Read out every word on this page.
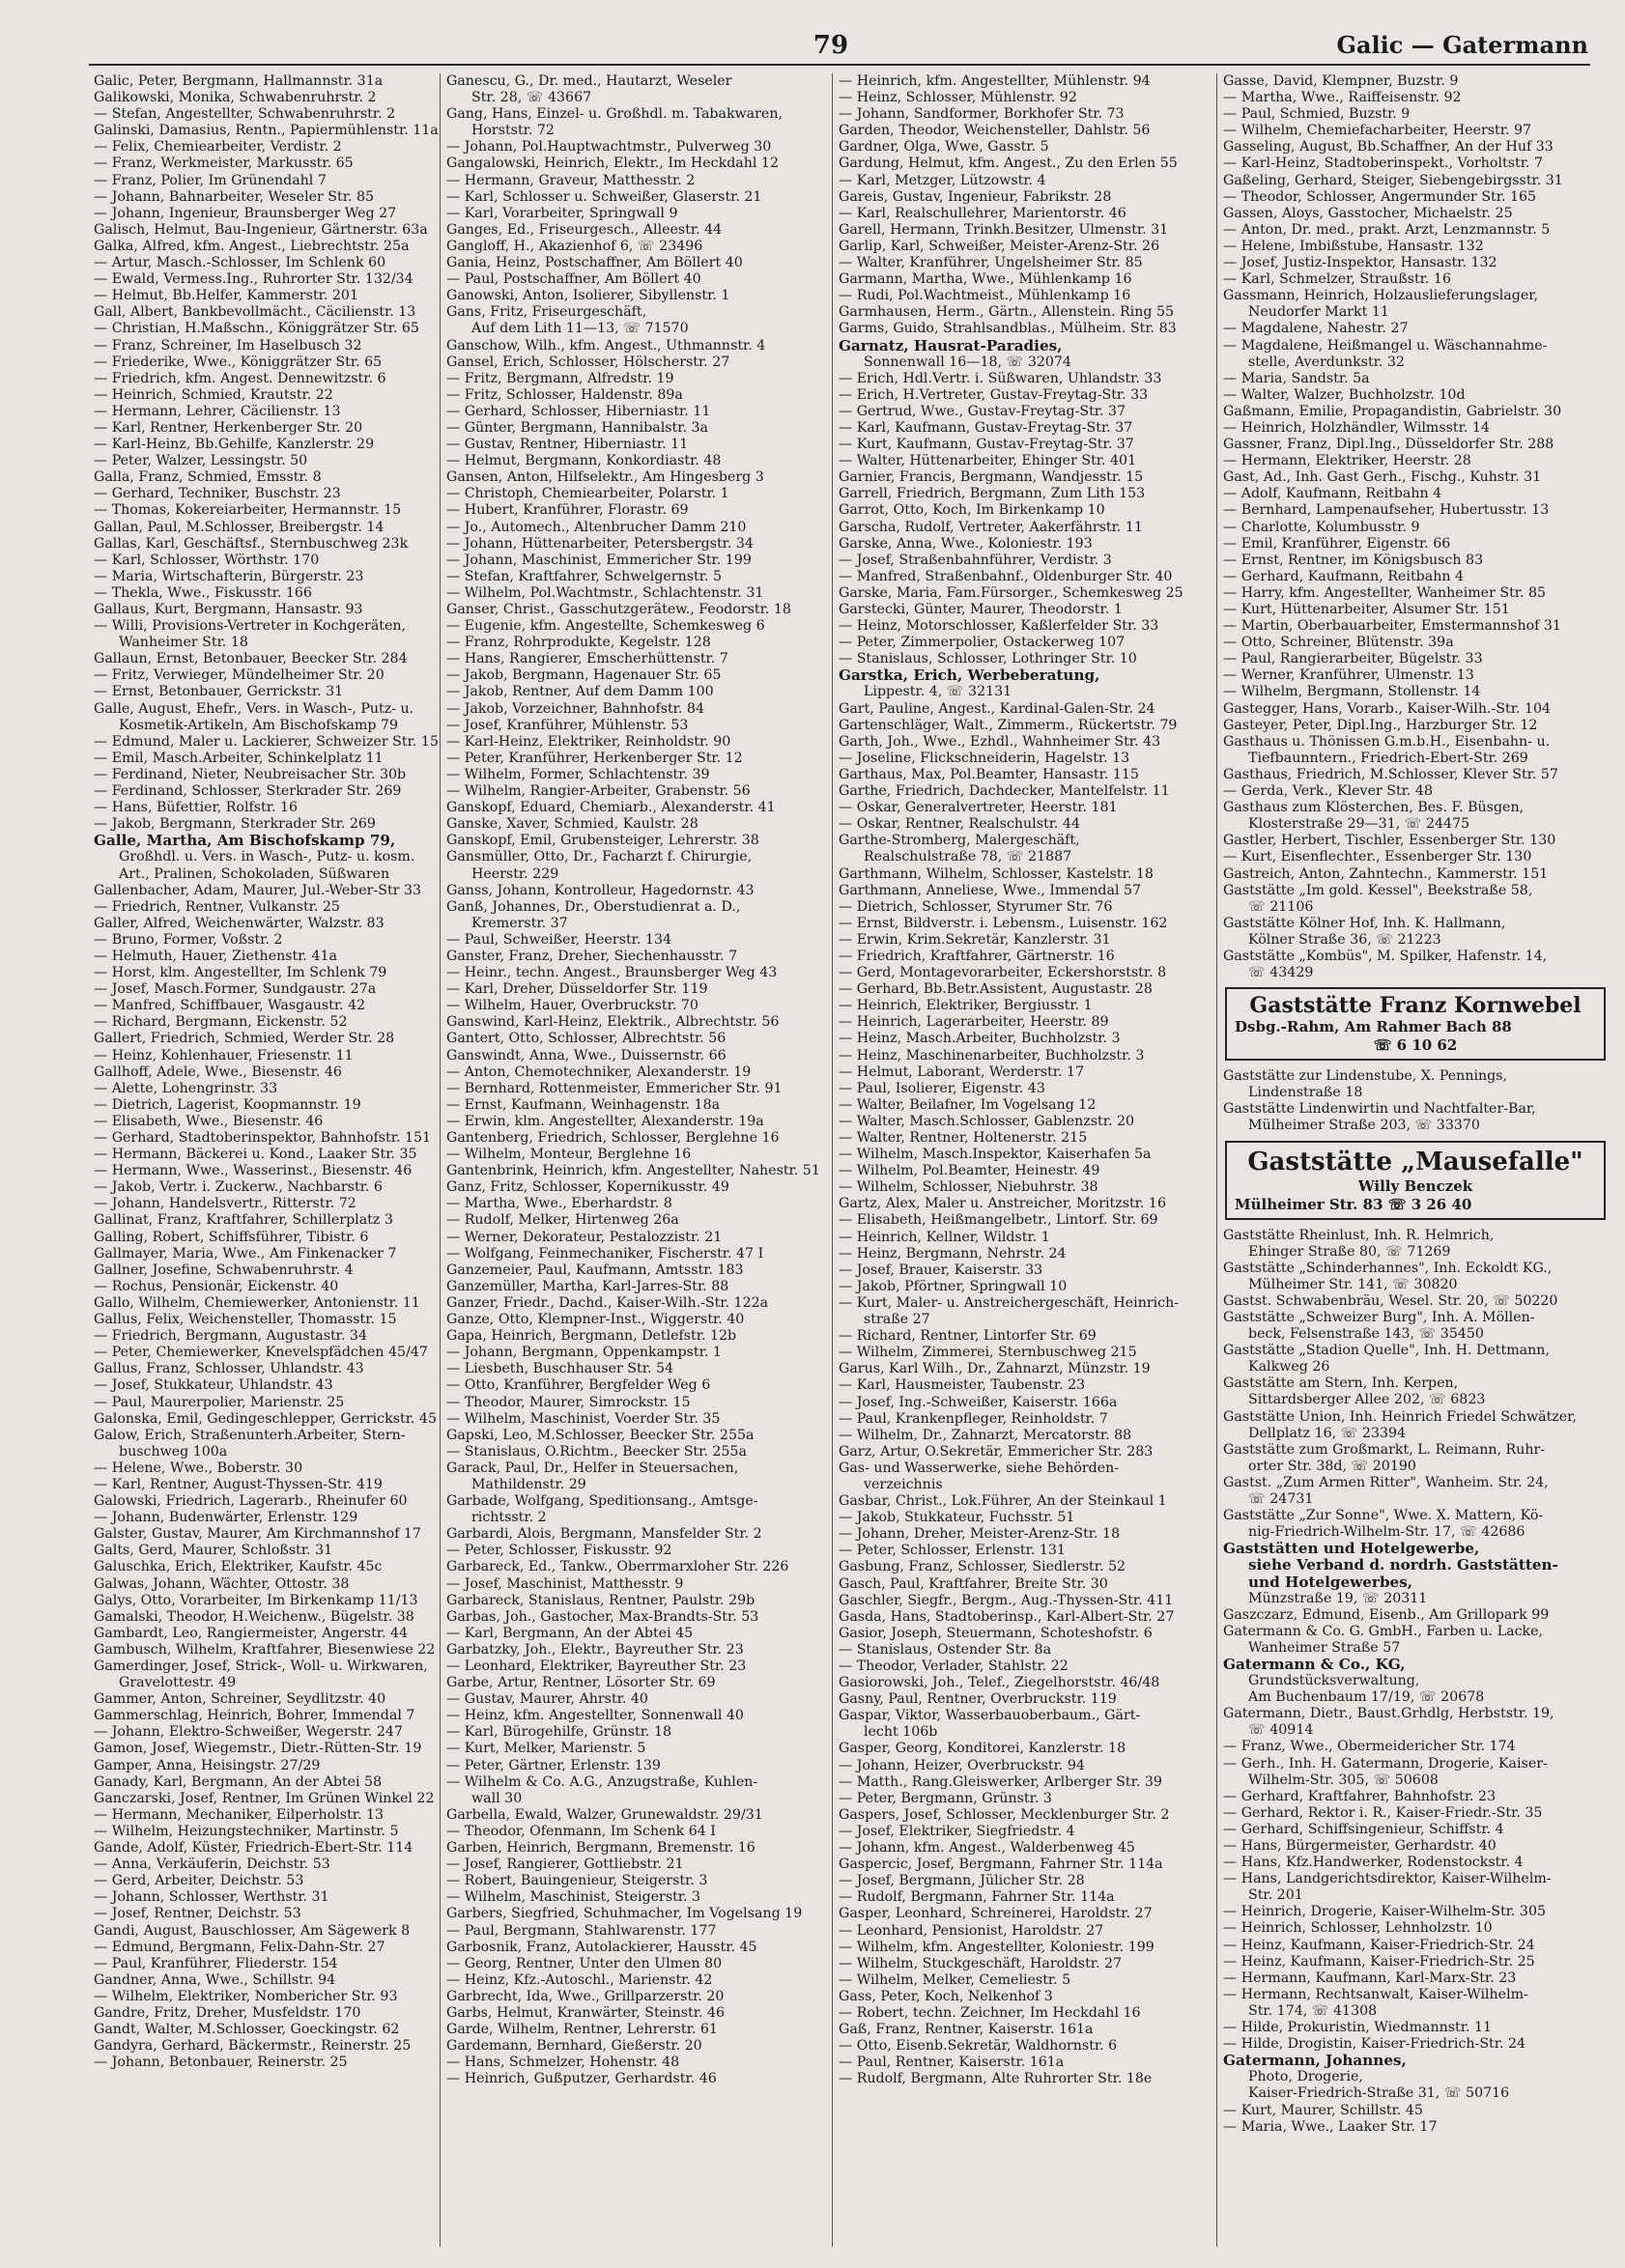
79	Galic — Gatermann
Galic, Peter, Bergmann, Hallmannstr. 31a
Galikowski, Monika, Schwabenruhrstr. 2
— Stefan, Angestellter, Schwabenruhrstr. 2
Galinski, Damasius, Rentn., Papiermühlenstr. 11a
— Felix, Chemiearbeiter, Verdistr. 2
— Franz, Werkmeister, Markusstr. 65
— Franz, Polier, Im Grünendahl 7
— Johann, Bahnarbeiter, Weseler Str. 85
— Johann, Ingenieur, Braunsberger Weg 27
Galisch, Helmut, Bau-Ingenieur, Gärtnerstr. 63a
Galka, Alfred, kfm. Angest., Liebrechtstr. 25a
— Artur, Masch.-Schlosser, Im Schlenk 60
— Ewald, Vermess.Ing., Ruhrorter Str. 132/34
— Helmut, Bb.Helfer, Kammerstr. 201
Gall, Albert, Bankbevollmächt., Cäcilienstr. 13
— Christian, H.Maßschn., Königgrätzer Str. 65
— Franz, Schreiner, Im Haselbusch 32
— Friederike, Wwe., Königgrätzer Str. 65
— Friedrich, kfm. Angest. Dennewitzstr. 6
— Heinrich, Schmied, Krautstr. 22
— Hermann, Lehrer, Cäcilienstr. 13
— Karl, Rentner, Herkenberger Str. 20
— Karl-Heinz, Bb.Gehilfe, Kanzlerstr. 29
— Peter, Walzer, Lessingstr. 50
Galla, Franz, Schmied, Emsstr. 8
— Gerhard, Techniker, Buschstr. 23
— Thomas, Kokereiarbeiter, Hermannstr. 15
Gallan, Paul, M.Schlosser, Breibergstr. 14
Gallas, Karl, Geschäftsf., Sternbuschweg 23k
— Karl, Schlosser, Wörthstr. 170
— Maria, Wirtschafterin, Bürgerstr. 23
— Thekla, Wwe., Fiskusstr. 166
Gallaus, Kurt, Bergmann, Hansastr. 93
— Willi, Provisions-Vertreter in Kochgeräten,
Wanheimer Str. 18
Gallaun, Ernst, Betonbauer, Beecker Str. 284
— Fritz, Verwieger, Mündelheimer Str. 20
— Ernst, Betonbauer, Gerrickstr. 31
Galle, August, Ehefr., Vers. in Wasch-, Putz- u.
Kosmetik-Artikeln, Am Bischofskamp 79
— Edmund, Maler u. Lackierer, Schweizer Str. 15
— Emil, Masch.Arbeiter, Schinkelplatz 11
— Ferdinand, Nieter, Neubreisacher Str. 30b
— Ferdinand, Schlosser, Sterkrader Str. 269
— Hans, Büfettier, Rolfstr. 16
— Jakob, Bergmann, Sterkrader Str. 269
Galle, Martha, Am Bischofskamp 79,
Großhdl. u. Vers. in Wasch-, Putz- u. kosm.
Art., Pralinen, Schokoladen, Süßwaren
Gallenbacher, Adam, Maurer, Jul.-Weber-Str 33
— Friedrich, Rentner, Vulkanstr. 25
Galler, Alfred, Weichenwärter, Walzstr. 83
— Bruno, Former, Voßstr. 2
— Helmuth, Hauer, Ziethenstr. 41a
— Horst, klm. Angestellter, Im Schlenk 79
— Josef, Masch.Former, Sundgaustr. 27a
— Manfred, Schiffbauer, Wasgaustr. 42
— Richard, Bergmann, Eickenstr. 52
Gallert, Friedrich, Schmied, Werder Str. 28
— Heinz, Kohlenhauer, Friesenstr. 11
Gallhoff, Adele, Wwe., Biesenstr. 46
— Alette, Lohengrinstr. 33
— Dietrich, Lagerist, Koopmannstr. 19
— Elisabeth, Wwe., Biesenstr. 46
— Gerhard, Stadtoberinspektor, Bahnhofstr. 151
— Hermann, Bäckerei u. Kond., Laaker Str. 35
— Hermann, Wwe., Wasserinst., Biesenstr. 46
— Jakob, Vertr. i. Zuckerw., Nachbarstr. 6
— Johann, Handelsvertr., Ritterstr. 72
Gallinat, Franz, Kraftfahrer, Schillerplatz 3
Galling, Robert, Schiffsführer, Tibistr. 6
Gallmayer, Maria, Wwe., Am Finkenacker 7
Gallner, Josefine, Schwabenruhrstr. 4
— Rochus, Pensionär, Eickenstr. 40
Gallo, Wilhelm, Chemiewerker, Antonienstr. 11
Gallus, Felix, Weichensteller, Thomasstr. 15
— Friedrich, Bergmann, Augustastr. 34
— Peter, Chemiewerker, Knevelspfädchen 45/47
Gallus, Franz, Schlosser, Uhlandstr. 43
— Josef, Stukkateur, Uhlandstr. 43
— Paul, Maurerpolier, Marienstr. 25
Galonska, Emil, Gedingeschlepper, Gerrickstr. 45
Galow, Erich, Straßenunterh.Arbeiter, Stern-
buschweg 100a
— Helene, Wwe., Boberstr. 30
— Karl, Rentner, August-Thyssen-Str. 419
Galowski, Friedrich, Lagerarb., Rheinufer 60
— Johann, Budenwärter, Erlenstr. 129
Galster, Gustav, Maurer, Am Kirchmannshof 17
Galts, Gerd, Maurer, Schloßstr. 31
Galuschka, Erich, Elektriker, Kaufstr. 45c
Galwas, Johann, Wächter, Ottostr. 38
Galys, Otto, Vorarbeiter, Im Birkenkamp 11/13
Gamalski, Theodor, H.Weichenw., Bügelstr. 38
Gambardt, Leo, Rangiermeister, Angerstr. 44
Gambusch, Wilhelm, Kraftfahrer, Biesenwiese 22
Gamerdinger, Josef, Strick-, Woll- u. Wirkwaren,
Gravelottestr. 49
Gammer, Anton, Schreiner, Seydlitzstr. 40
Gammerschlag, Heinrich, Bohrer, Immendal 7
— Johann, Elektro-Schweißer, Wegerstr. 247
Gamon, Josef, Wiegemstr., Dietr.-Rütten-Str. 19
Gamper, Anna, Heisingstr. 27/29
Ganady, Karl, Bergmann, An der Abtei 58
Ganczarski, Josef, Rentner, Im Grünen Winkel 22
— Hermann, Mechaniker, Eilperholstr. 13
— Wilhelm, Heizungstechniker, Martinstr. 5
Gande, Adolf, Küster, Friedrich-Ebert-Str. 114
— Anna, Verkäuferin, Deichstr. 53
— Gerd, Arbeiter, Deichstr. 53
— Johann, Schlosser, Werthstr. 31
— Josef, Rentner, Deichstr. 53
Gandi, August, Bauschlosser, Am Sägewerk 8
— Edmund, Bergmann, Felix-Dahn-Str. 27
— Paul, Kranführer, Fliederstr. 154
Gandner, Anna, Wwe., Schillstr. 94
— Wilhelm, Elektriker, Nombericher Str. 93
Gandre, Fritz, Dreher, Musfeldstr. 170
Gandt, Walter, M.Schlosser, Goeckingstr. 62
Gandyra, Gerhard, Bäckermstr., Reinerstr. 25
— Johann, Betonbauer, Reinerstr. 25
Ganescu, G., Dr. med., Hautarzt, Weseler
Str. 28, ☏ 43667
Gang, Hans, Einzel- u. Großhdl. m. Tabakwaren,
Horststr. 72
— Johann, Pol.Hauptwachtmstr., Pulverweg 30
Gangalowski, Heinrich, Elektr., Im Heckdahl 12
— Hermann, Graveur, Matthesstr. 2
— Karl, Schlosser u. Schweißer, Glaserstr. 21
— Karl, Vorarbeiter, Springwall 9
Ganges, Ed., Friseurgesch., Alleestr. 44
Gangloff, H., Akazienhof 6, ☏ 23496
Gania, Heinz, Postschaffner, Am Böllert 40
— Paul, Postschaffner, Am Böllert 40
Ganowski, Anton, Isolierer, Sibyllenstr. 1
Gans, Fritz, Friseurgeschäft,
Auf dem Lith 11—13, ☏ 71570
Ganschow, Wilh., kfm. Angest., Uthmannstr. 4
Gansel, Erich, Schlosser, Hölscherstr. 27
— Fritz, Bergmann, Alfredstr. 19
— Fritz, Schlosser, Haldenstr. 89a
— Gerhard, Schlosser, Hiberniastr. 11
— Günter, Bergmann, Hannibalstr. 3a
— Gustav, Rentner, Hiberniastr. 11
— Helmut, Bergmann, Konkordiastr. 48
Gansen, Anton, Hilfselektr., Am Hingesberg 3
— Christoph, Chemiearbeiter, Polarstr. 1
— Hubert, Kranführer, Florastr. 69
— Jo., Automech., Altenbrucher Damm 210
— Johann, Hüttenarbeiter, Petersbergstr. 34
— Johann, Maschinist, Emmericher Str. 199
— Stefan, Kraftfahrer, Schwelgernstr. 5
— Wilhelm, Pol.Wachtmstr., Schlachtenstr. 31
Ganser, Christ., Gasschutzgerätew., Feodorstr. 18
— Eugenie, kfm. Angestellte, Schemkesweg 6
— Franz, Rohrprodukte, Kegelstr. 128
— Hans, Rangierer, Emscherhüttenstr. 7
— Jakob, Bergmann, Hagenauer Str. 65
— Jakob, Rentner, Auf dem Damm 100
— Jakob, Vorzeichner, Bahnhofstr. 84
— Josef, Kranführer, Mühlenstr. 53
— Karl-Heinz, Elektriker, Reinholdstr. 90
— Peter, Kranführer, Herkenberger Str. 12
— Wilhelm, Former, Schlachtenstr. 39
— Wilhelm, Rangier-Arbeiter, Grabenstr. 56
Ganskopf, Eduard, Chemiarb., Alexanderstr. 41
Ganske, Xaver, Schmied, Kaulstr. 28
Ganskopf, Emil, Grubensteiger, Lehrerstr. 38
Gansmüller, Otto, Dr., Facharzt f. Chirurgie,
Heerstr. 229
Ganss, Johann, Kontrolleur, Hagedornstr. 43
Ganß, Johannes, Dr., Oberstudienrat a. D.,
Kremerstr. 37
— Paul, Schweißer, Heerstr. 134
Ganster, Franz, Dreher, Siechenhausstr. 7
— Heinr., techn. Angest., Braunsberger Weg 43
— Karl, Dreher, Düsseldorfer Str. 119
— Wilhelm, Hauer, Overbruckstr. 70
Ganswind, Karl-Heinz, Elektrik., Albrechtstr. 56
Gantert, Otto, Schlosser, Albrechtstr. 56
Ganswindt, Anna, Wwe., Duissernstr. 66
— Anton, Chemotechniker, Alexanderstr. 19
— Bernhard, Rottenmeister, Emmericher Str. 91
— Ernst, Kaufmann, Weinhagenstr. 18a
— Erwin, klm. Angestellter, Alexanderstr. 19a
Gantenberg, Friedrich, Schlosser, Berglehne 16
— Wilhelm, Monteur, Berglehne 16
Gantenbrink, Heinrich, kfm. Angestellter, Nahestr. 51
Ganz, Fritz, Schlosser, Kopernikusstr. 49
— Martha, Wwe., Eberhardstr. 8
— Rudolf, Melker, Hirtenweg 26a
— Werner, Dekorateur, Pestalozzistr. 21
— Wolfgang, Feinmechaniker, Fischerstr. 47 I
Ganzemeier, Paul, Kaufmann, Amtsstr. 183
Ganzemüller, Martha, Karl-Jarres-Str. 88
Ganzer, Friedr., Dachd., Kaiser-Wilh.-Str. 122a
Ganze, Otto, Klempner-Inst., Wiggerstr. 40
Gapa, Heinrich, Bergmann, Detlefstr. 12b
— Johann, Bergmann, Oppenkampstr. 1
— Liesbeth, Buschhauser Str. 54
— Otto, Kranführer, Bergfelder Weg 6
— Theodor, Maurer, Simrockstr. 15
— Wilhelm, Maschinist, Voerder Str. 35
Gapski, Leo, M.Schlosser, Beecker Str. 255a
— Stanislaus, O.Richtm., Beecker Str. 255a
Garack, Paul, Dr., Helfer in Steuersachen,
Mathildenstr. 29
Garbade, Wolfgang, Speditionsang., Amtsge-
richtsstr. 2
Garbardi, Alois, Bergmann, Mansfelder Str. 2
— Peter, Schlosser, Fiskusstr. 92
Garbareck, Ed., Tankw., Oberrmarxloher Str. 226
— Josef, Maschinist, Matthesstr. 9
Garbareck, Stanislaus, Rentner, Paulstr. 29b
Garbas, Joh., Gastocher, Max-Brandts-Str. 53
— Karl, Bergmann, An der Abtei 45
Garbatzky, Joh., Elektr., Bayreuther Str. 23
— Leonhard, Elektriker, Bayreuther Str. 23
Garbe, Artur, Rentner, Lösorter Str. 69
— Gustav, Maurer, Ahrstr. 40
— Heinz, kfm. Angestellter, Sonnenwall 40
— Karl, Bürogehilfe, Grünstr. 18
— Kurt, Melker, Marienstr. 5
— Peter, Gärtner, Erlenstr. 139
— Wilhelm & Co. A.G., Anzugstraße, Kuhlen-
wall 30
Garbella, Ewald, Walzer, Grunewaldstr. 29/31
— Theodor, Ofenmann, Im Schenk 64 I
Garben, Heinrich, Bergmann, Bremenstr. 16
— Josef, Rangierer, Gottliebstr. 21
— Robert, Bauingenieur, Steigerstr. 3
— Wilhelm, Maschinist, Steigerstr. 3
Garbers, Siegfried, Schuhmacher, Im Vogelsang 19
— Paul, Bergmann, Stahlwarenstr. 177
Garbosnik, Franz, Autolackierer, Hausstr. 45
— Georg, Rentner, Unter den Ulmen 80
— Heinz, Kfz.-Autoschl., Marienstr. 42
Garbrecht, Ida, Wwe., Grillparzerstr. 20
Garbs, Helmut, Kranwärter, Steinstr. 46
Garde, Wilhelm, Rentner, Lehrerstr. 61
Gardemann, Bernhard, Gießerstr. 20
— Hans, Schmelzer, Hohenstr. 48
— Heinrich, Gußputzer, Gerhardstr. 46
— Heinrich, kfm. Angestellter, Mühlenstr. 94
— Heinz, Schlosser, Mühlenstr. 92
— Johann, Sandformer, Borkhofer Str. 73
Garden, Theodor, Weichensteller, Dahlstr. 56
Gardner, Olga, Wwe, Gasstr. 5
Gardung, Helmut, kfm. Angest., Zu den Erlen 55
— Karl, Metzger, Lützowstr. 4
Gareis, Gustav, Ingenieur, Fabrikstr. 28
— Karl, Realschullehrer, Marientorstr. 46
Garell, Hermann, Trinkh.Besitzer, Ulmenstr. 31
Garlip, Karl, Schweißer, Meister-Arenz-Str. 26
— Walter, Kranführer, Ungelsheimer Str. 85
Garmann, Martha, Wwe., Mühlenkamp 16
— Rudi, Pol.Wachtmeist., Mühlenkamp 16
Garmhausen, Herm., Gärtn., Allenstein. Ring 55
Garms, Guido, Strahlsandblas., Mülheim. Str. 83
Garnatz, Hausrat-Paradies,
Sonnenwall 16—18, ☏ 32074
— Erich, Hdl.Vertr. i. Süßwaren, Uhlandstr. 33
— Erich, H.Vertreter, Gustav-Freytag-Str. 33
— Gertrud, Wwe., Gustav-Freytag-Str. 37
— Karl, Kaufmann, Gustav-Freytag-Str. 37
— Kurt, Kaufmann, Gustav-Freytag-Str. 37
— Walter, Hüttenarbeiter, Ehinger Str. 401
Garnier, Francis, Bergmann, Wandjesstr. 15
Garrell, Friedrich, Bergmann, Zum Lith 153
Garrot, Otto, Koch, Im Birkenkamp 10
Garscha, Rudolf, Vertreter, Aakerfährstr. 11
Garske, Anna, Wwe., Koloniestr. 193
— Josef, Straßenbahnführer, Verdistr. 3
— Manfred, Straßenbahnf., Oldenburger Str. 40
Garske, Maria, Fam.Fürsorger., Schemkesweg 25
Garstecki, Günter, Maurer, Theodorstr. 1
— Heinz, Motorschlosser, Kaßlerfelder Str. 33
— Peter, Zimmerpolier, Ostackerweg 107
— Stanislaus, Schlosser, Lothringer Str. 10
Garstka, Erich, Werbeberatung,
Lippestr. 4, ☏ 32131
Gart, Pauline, Angest., Kardinal-Galen-Str. 24
Gartenschläger, Walt., Zimmerm., Rückertstr. 79
Garth, Joh., Wwe., Ezhdl., Wahnheimer Str. 43
— Joseline, Flickschneiderin, Hagelstr. 13
Garthaus, Max, Pol.Beamter, Hansastr. 115
Garthe, Friedrich, Dachdecker, Mantelfelstr. 11
— Oskar, Generalvertreter, Heerstr. 181
— Oskar, Rentner, Realschulstr. 44
Garthe-Stromberg, Malergeschäft,
Realschulstraße 78, ☏ 21887
Garthmann, Wilhelm, Schlosser, Kastelstr. 18
Garthmann, Anneliese, Wwe., Immendal 57
— Dietrich, Schlosser, Styrumer Str. 76
— Ernst, Bildverstr. i. Lebensm., Luisenstr. 162
— Erwin, Krim.Sekretär, Kanzlerstr. 31
— Friedrich, Kraftfahrer, Gärtnerstr. 16
— Gerd, Montagevorarbeiter, Eckershorststr. 8
— Gerhard, Bb.Betr.Assistent, Augustastr. 28
— Heinrich, Elektriker, Bergiusstr. 1
— Heinrich, Lagerarbeiter, Heerstr. 89
— Heinz, Masch.Arbeiter, Buchholzstr. 3
— Heinz, Maschinenarbeiter, Buchholzstr. 3
— Helmut, Laborant, Werderstr. 17
— Paul, Isolierer, Eigenstr. 43
— Walter, Beilafner, Im Vogelsang 12
— Walter, Masch.Schlosser, Gablenzstr. 20
— Walter, Rentner, Holtenerstr. 215
— Wilhelm, Masch.Inspektor, Kaiserhafen 5a
— Wilhelm, Pol.Beamter, Heinestr. 49
— Wilhelm, Schlosser, Niebuhrstr. 38
Gartz, Alex, Maler u. Anstreicher, Moritzstr. 16
— Elisabeth, Heißmangelbetr., Lintorf. Str. 69
— Heinrich, Kellner, Wildstr. 1
— Heinz, Bergmann, Nehrstr. 24
— Josef, Brauer, Kaiserstr. 33
— Jakob, Pförtner, Springwall 10
— Kurt, Maler- u. Anstreichergeschäft, Heinrich-
straße 27
— Richard, Rentner, Lintorfer Str. 69
— Wilhelm, Zimmerei, Sternbuschweg 215
Garus, Karl Wilh., Dr., Zahnarzt, Münzstr. 19
— Karl, Hausmeister, Taubenstr. 23
— Josef, Ing.-Schweißer, Kaiserstr. 166a
— Paul, Krankenpfleger, Reinholdstr. 7
— Wilhelm, Dr., Zahnarzt, Mercatorstr. 88
Garz, Artur, O.Sekretär, Emmericher Str. 283
Gas- und Wasserwerke, siehe Behörden-
verzeichnis
Gasbar, Christ., Lok.Führer, An der Steinkaul 1
— Jakob, Stukkateur, Fuchsstr. 51
— Johann, Dreher, Meister-Arenz-Str. 18
— Peter, Schlosser, Erlenstr. 131
Gasbung, Franz, Schlosser, Siedlerstr. 52
Gasch, Paul, Kraftfahrer, Breite Str. 30
Gaschler, Siegfr., Bergm., Aug.-Thyssen-Str. 411
Gasda, Hans, Stadtoberinsp., Karl-Albert-Str. 27
Gasior, Joseph, Steuermann, Schoteshofstr. 6
— Stanislaus, Ostender Str. 8a
— Theodor, Verlader, Stahlstr. 22
Gasiorowski, Joh., Telef., Ziegelhorststr. 46/48
Gasny, Paul, Rentner, Overbruckstr. 119
Gaspar, Viktor, Wasserbauoberbaum., Gärt-
lecht 106b
Gasper, Georg, Konditorei, Kanzlerstr. 18
— Johann, Heizer, Overbruckstr. 94
— Matth., Rang.Gleiswerker, Arlberger Str. 39
— Peter, Bergmann, Grünstr. 3
Gaspers, Josef, Schlosser, Mecklenburger Str. 2
— Josef, Elektriker, Siegfriedstr. 4
— Johann, kfm. Angest., Walderbenweg 45
Gaspercic, Josef, Bergmann, Fahrner Str. 114a
— Josef, Bergmann, Jülicher Str. 28
— Rudolf, Bergmann, Fahrner Str. 114a
Gasper, Leonhard, Schreinerei, Haroldstr. 27
— Leonhard, Pensionist, Haroldstr. 27
— Wilhelm, kfm. Angestellter, Koloniestr. 199
— Wilhelm, Stuckgeschäft, Haroldstr. 27
— Wilhelm, Melker, Cemeliestr. 5
Gass, Peter, Koch, Nelkenhof 3
— Robert, techn. Zeichner, Im Heckdahl 16
Gaß, Franz, Rentner, Kaiserstr. 161a
— Otto, Eisenb.Sekretär, Waldhornstr. 6
— Paul, Rentner, Kaiserstr. 161a
— Rudolf, Bergmann, Alte Ruhrorter Str. 18e
Gasse, David, Klempner, Buzstr. 9
— Martha, Wwe., Raiffeisenstr. 92
— Paul, Schmied, Buzstr. 9
— Wilhelm, Chemiefacharbeiter, Heerstr. 97
Gasseling, August, Bb.Schaffner, An der Huf 33
— Karl-Heinz, Stadtoberinspekt., Vorholtstr. 7
Gaßeling, Gerhard, Steiger, Siebengebirgsstr. 31
— Theodor, Schlosser, Angermunder Str. 165
Gassen, Aloys, Gasstocher, Michaelstr. 25
— Anton, Dr. med., prakt. Arzt, Lenzmannstr. 5
— Helene, Imbißstube, Hansastr. 132
— Josef, Justiz-Inspektor, Hansastr. 132
— Karl, Schmelzer, Straußstr. 16
Gassmann, Heinrich, Holzauslieferungslager,
Neudorfer Markt 11
— Magdalene, Nahestr. 27
— Magdalene, Heißmangel u. Wäschannahme-
stelle, Averdunkstr. 32
— Maria, Sandstr. 5a
— Walter, Walzer, Buchholzstr. 10d
Gaßmann, Emilie, Propagandistin, Gabrielstr. 30
— Heinrich, Holzhändler, Wilmsstr. 14
Gassner, Franz, Dipl.Ing., Düsseldorfer Str. 288
— Hermann, Elektriker, Heerstr. 28
Gast, Ad., Inh. Gast Gerh., Fischg., Kuhstr. 31
— Adolf, Kaufmann, Reitbahn 4
— Bernhard, Lampenaufseher, Hubertusstr. 13
— Charlotte, Kolumbusstr. 9
— Emil, Kranführer, Eigenstr. 66
— Ernst, Rentner, im Königsbusch 83
— Gerhard, Kaufmann, Reitbahn 4
— Harry, kfm. Angestellter, Wanheimer Str. 85
— Kurt, Hüttenarbeiter, Alsumer Str. 151
— Martin, Oberbauarbeiter, Emstermannshof 31
— Otto, Schreiner, Blütenstr. 39a
— Paul, Rangierarbeiter, Bügelstr. 33
— Werner, Kranführer, Ulmenstr. 13
— Wilhelm, Bergmann, Stollenstr. 14
Gastegger, Hans, Vorarb., Kaiser-Wilh.-Str. 104
Gasteyer, Peter, Dipl.Ing., Harzburger Str. 12
Gasthaus u. Thönissen G.m.b.H., Eisenbahn- u.
Tiefbaunntern., Friedrich-Ebert-Str. 269
Gasthaus, Friedrich, M.Schlosser, Klever Str. 57
— Gerda, Verk., Klever Str. 48
Gasthaus zum Klösterchen, Bes. F. Büsgen,
Klosterstraße 29—31, ☏ 24475
Gastler, Herbert, Tischler, Essenberger Str. 130
— Kurt, Eisenflechter., Essenberger Str. 130
Gastreich, Anton, Zahntechn., Kammerstr. 151
Gaststätte „Im gold. Kessel", Beekstraße 58,
☏ 21106
Gaststätte Kölner Hof, Inh. K. Hallmann,
Kölner Straße 36, ☏ 21223
Gaststätte „Kombüs", M. Spilker, Hafenstr. 14,
☏ 43429
Gaststätte Franz Kornwebel
Dsbg.-Rahm, Am Rahmer Bach 88
☏ 6 10 62
Gaststätte zur Lindenstube, X. Pennings,
Lindenstraße 18
Gaststätte Lindenwirtin und Nachtfalter-Bar,
Mülheimer Straße 203, ☏ 33370
Gaststätte „Mausefalle"
Willy Benczek
Mülheimer Str. 83 ☏ 3 26 40
Gaststätte Rheinlust, Inh. R. Helmrich,
Ehinger Straße 80, ☏ 71269
Gaststätte „Schinderhannes", Inh. Eckoldt KG.,
Mülheimer Str. 141, ☏ 30820
Gastst. Schwabenbräu, Wesel. Str. 20, ☏ 50220
Gaststätte „Schweizer Burg", Inh. A. Möllen-
beck, Felsenstraße 143, ☏ 35450
Gaststätte „Stadion Quelle", Inh. H. Dettmann,
Kalkweg 26
Gaststätte am Stern, Inh. Kerpen,
Sittardsberger Allee 202, ☏ 6823
Gaststätte Union, Inh. Heinrich Friedel Schwätzer,
Dellplatz 16, ☏ 23394
Gaststätte zum Großmarkt, L. Reimann, Ruhr-
orter Str. 38d, ☏ 20190
Gastst. „Zum Armen Ritter", Wanheim. Str. 24,
☏ 24731
Gaststätte „Zur Sonne", Wwe. X. Mattern, Kö-
nig-Friedrich-Wilhelm-Str. 17, ☏ 42686
Gaststätten und Hotelgewerbe,
siehe Verband d. nordrh. Gaststätten-
und Hotelgewerbes,
Münzstraße 19, ☏ 20311
Gaszczarz, Edmund, Eisenb., Am Grillopark 99
Gatermann & Co. G. GmbH., Farben u. Lacke,
Wanheimer Straße 57
Gatermann & Co., KG,
Grundstücksverwaltung,
Am Buchenbaum 17/19, ☏ 20678
Gatermann, Dietr., Baust.Grhdlg, Herbststr. 19,
☏ 40914
— Franz, Wwe., Obermeidericher Str. 174
— Gerh., Inh. H. Gatermann, Drogerie, Kaiser-
Wilhelm-Str. 305, ☏ 50608
— Gerhard, Kraftfahrer, Bahnhofstr. 23
— Gerhard, Rektor i. R., Kaiser-Friedr.-Str. 35
— Gerhard, Schiffsingenieur, Schiffstr. 4
— Hans, Bürgermeister, Gerhardstr. 40
— Hans, Kfz.Handwerker, Rodenstockstr. 4
— Hans, Landgerichtsdirektor, Kaiser-Wilhelm-
Str. 201
— Heinrich, Drogerie, Kaiser-Wilhelm-Str. 305
— Heinrich, Schlosser, Lehnholzstr. 10
— Heinz, Kaufmann, Kaiser-Friedrich-Str. 24
— Heinz, Kaufmann, Kaiser-Friedrich-Str. 25
— Hermann, Kaufmann, Karl-Marx-Str. 23
— Hermann, Rechtsanwalt, Kaiser-Wilhelm-
Str. 174, ☏ 41308
— Hilde, Prokuristin, Wiedmannstr. 11
— Hilde, Drogistin, Kaiser-Friedrich-Str. 24
Gatermann, Johannes,
Photo, Drogerie,
Kaiser-Friedrich-Straße 31, ☏ 50716
— Kurt, Maurer, Schillstr. 45
— Maria, Wwe., Laaker Str. 17
